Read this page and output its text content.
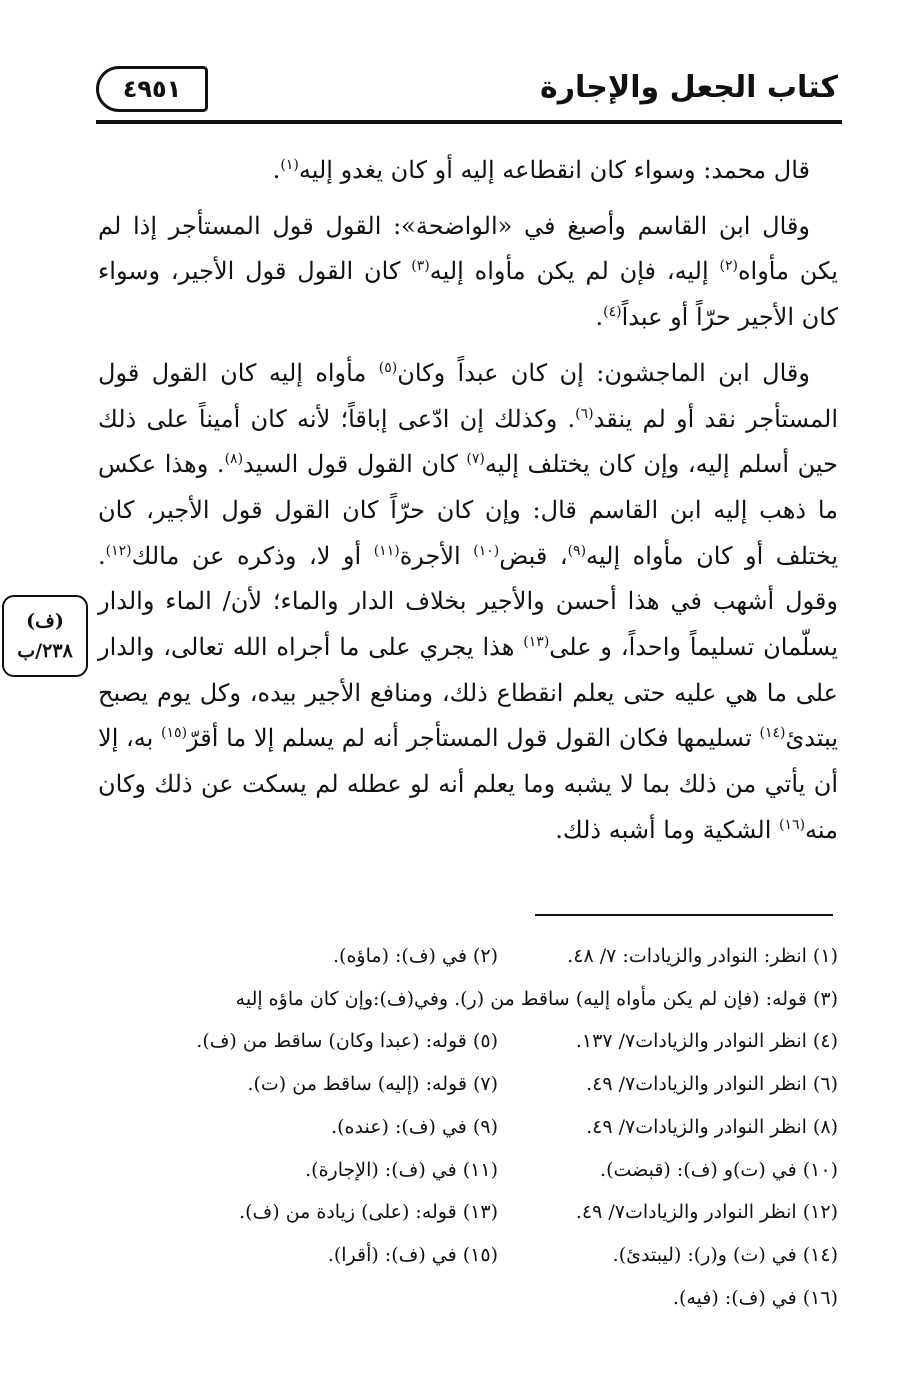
كتاب الجعل والإجارة
٤٩٥١
(ف)
٢٣٨/ب

قال محمد: وسواء كان انقطاعه إليه أو كان يغدو إليه$^{(١)}$.

وقال ابن القاسم وأصبغ في «الواضحة»: القول قول المستأجر إذا لم يكن مأواه$^{(٢)}$ إليه، فإن لم يكن مأواه إليه$^{(٣)}$ كان القول قول الأجير، وسواء كان الأجير حرّاً أو عبداً$^{(٤)}$.

وقال ابن الماجشون: إن كان عبداً وكان$^{(٥)}$ مأواه إليه كان القول قول المستأجر نقد أو لم ينقد$^{(٦)}$. وكذلك إن ادّعى إباقاً؛ لأنه كان أميناً على ذلك حين أسلم إليه، وإن كان يختلف إليه$^{(٧)}$ كان القول قول السيد$^{(٨)}$. وهذا عكس ما ذهب إليه ابن القاسم قال: وإن كان حرّاً كان القول قول الأجير، كان يختلف أو كان مأواه إليه$^{(٩)}$، قبض$^{(١٠)}$ الأجرة$^{(١١)}$ أو لا، وذكره عن مالك$^{(١٢)}$. وقول أشهب في هذا أحسن والأجير بخلاف الدار والماء؛ لأن/ الماء والدار يسلّمان تسليماً واحداً، و على$^{(١٣)}$ هذا يجري على ما أجراه الله تعالى، والدار على ما هي عليه حتى يعلم انقطاع ذلك، ومنافع الأجير بيده، وكل يوم يصبح يبتدئ$^{(١٤)}$ تسليمها فكان القول قول المستأجر أنه لم يسلم إلا ما أقرّ$^{(١٥)}$ به، إلا أن يأتي من ذلك بما لا يشبه وما يعلم أنه لو عطله لم يسكت عن ذلك وكان منه$^{(١٦)}$ الشكية وما أشبه ذلك.

(١) انظر: النوادر والزيادات: ٧/ ٤٨.
(٢) في (ف): (ماؤه).
(٣) قوله: (فإن لم يكن مأواه إليه) ساقط من (ر). وفي(ف):وإن كان ماؤه إليه
(٤) انظر النوادر والزيادات٧/ ١٣٧.
(٥) قوله: (عبدا وكان) ساقط من (ف).
(٦) انظر النوادر والزيادات٧/ ٤٩.
(٧) قوله: (إليه) ساقط من (ت).
(٨) انظر النوادر والزيادات٧/ ٤٩.
(٩) في (ف): (عنده).
(١٠) في (ت)و (ف): (قبضت).
(١١) في (ف): (الإجارة).
(١٢) انظر النوادر والزيادات٧/ ٤٩.
(١٣) قوله: (على) زيادة من (ف).
(١٤) في (ت) و(ر): (ليبتدئ).
(١٥) في (ف): (أقرا).
(١٦) في (ف): (فيه).
